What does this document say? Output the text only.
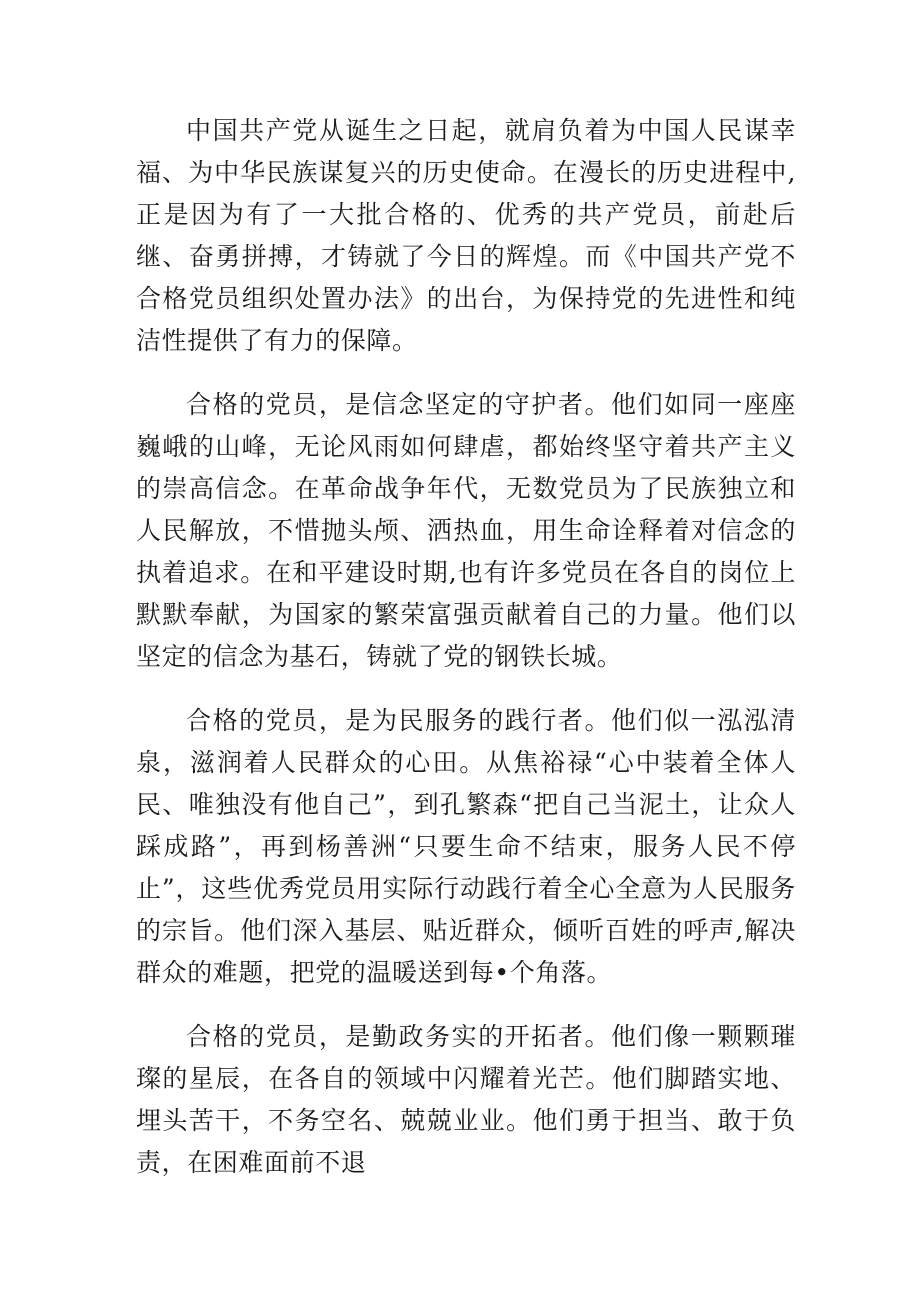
中国共产党从诞生之日起，就肩负着为中国人民谋幸福、为中华民族谋复兴的历史使命。在漫长的历史进程中,正是因为有了一大批合格的、优秀的共产党员，前赴后继、奋勇拼搏，才铸就了今日的辉煌。而《中国共产党不合格党员组织处置办法》的出台，为保持党的先进性和纯洁性提供了有力的保障。

合格的党员，是信念坚定的守护者。他们如同一座座巍峨的山峰，无论风雨如何肆虐，都始终坚守着共产主义的崇高信念。在革命战争年代，无数党员为了民族独立和人民解放，不惜抛头颅、洒热血，用生命诠释着对信念的执着追求。在和平建设时期,也有许多党员在各自的岗位上默默奉献，为国家的繁荣富强贡献着自己的力量。他们以坚定的信念为基石，铸就了党的钢铁长城。

合格的党员，是为民服务的践行者。他们似一泓泓清泉，滋润着人民群众的心田。从焦裕禄“心中装着全体人民、唯独没有他自己”，到孔繁森“把自己当泥土，让众人踩成路”，再到杨善洲“只要生命不结束，服务人民不停止”，这些优秀党员用实际行动践行着全心全意为人民服务的宗旨。他们深入基层、贴近群众，倾听百姓的呼声,解决群众的难题，把党的温暖送到每•个角落。

合格的党员，是勤政务实的开拓者。他们像一颗颗璀璨的星辰，在各自的领域中闪耀着光芒。他们脚踏实地、埋头苦干，不务空名、兢兢业业。他们勇于担当、敢于负责，在困难面前不退
